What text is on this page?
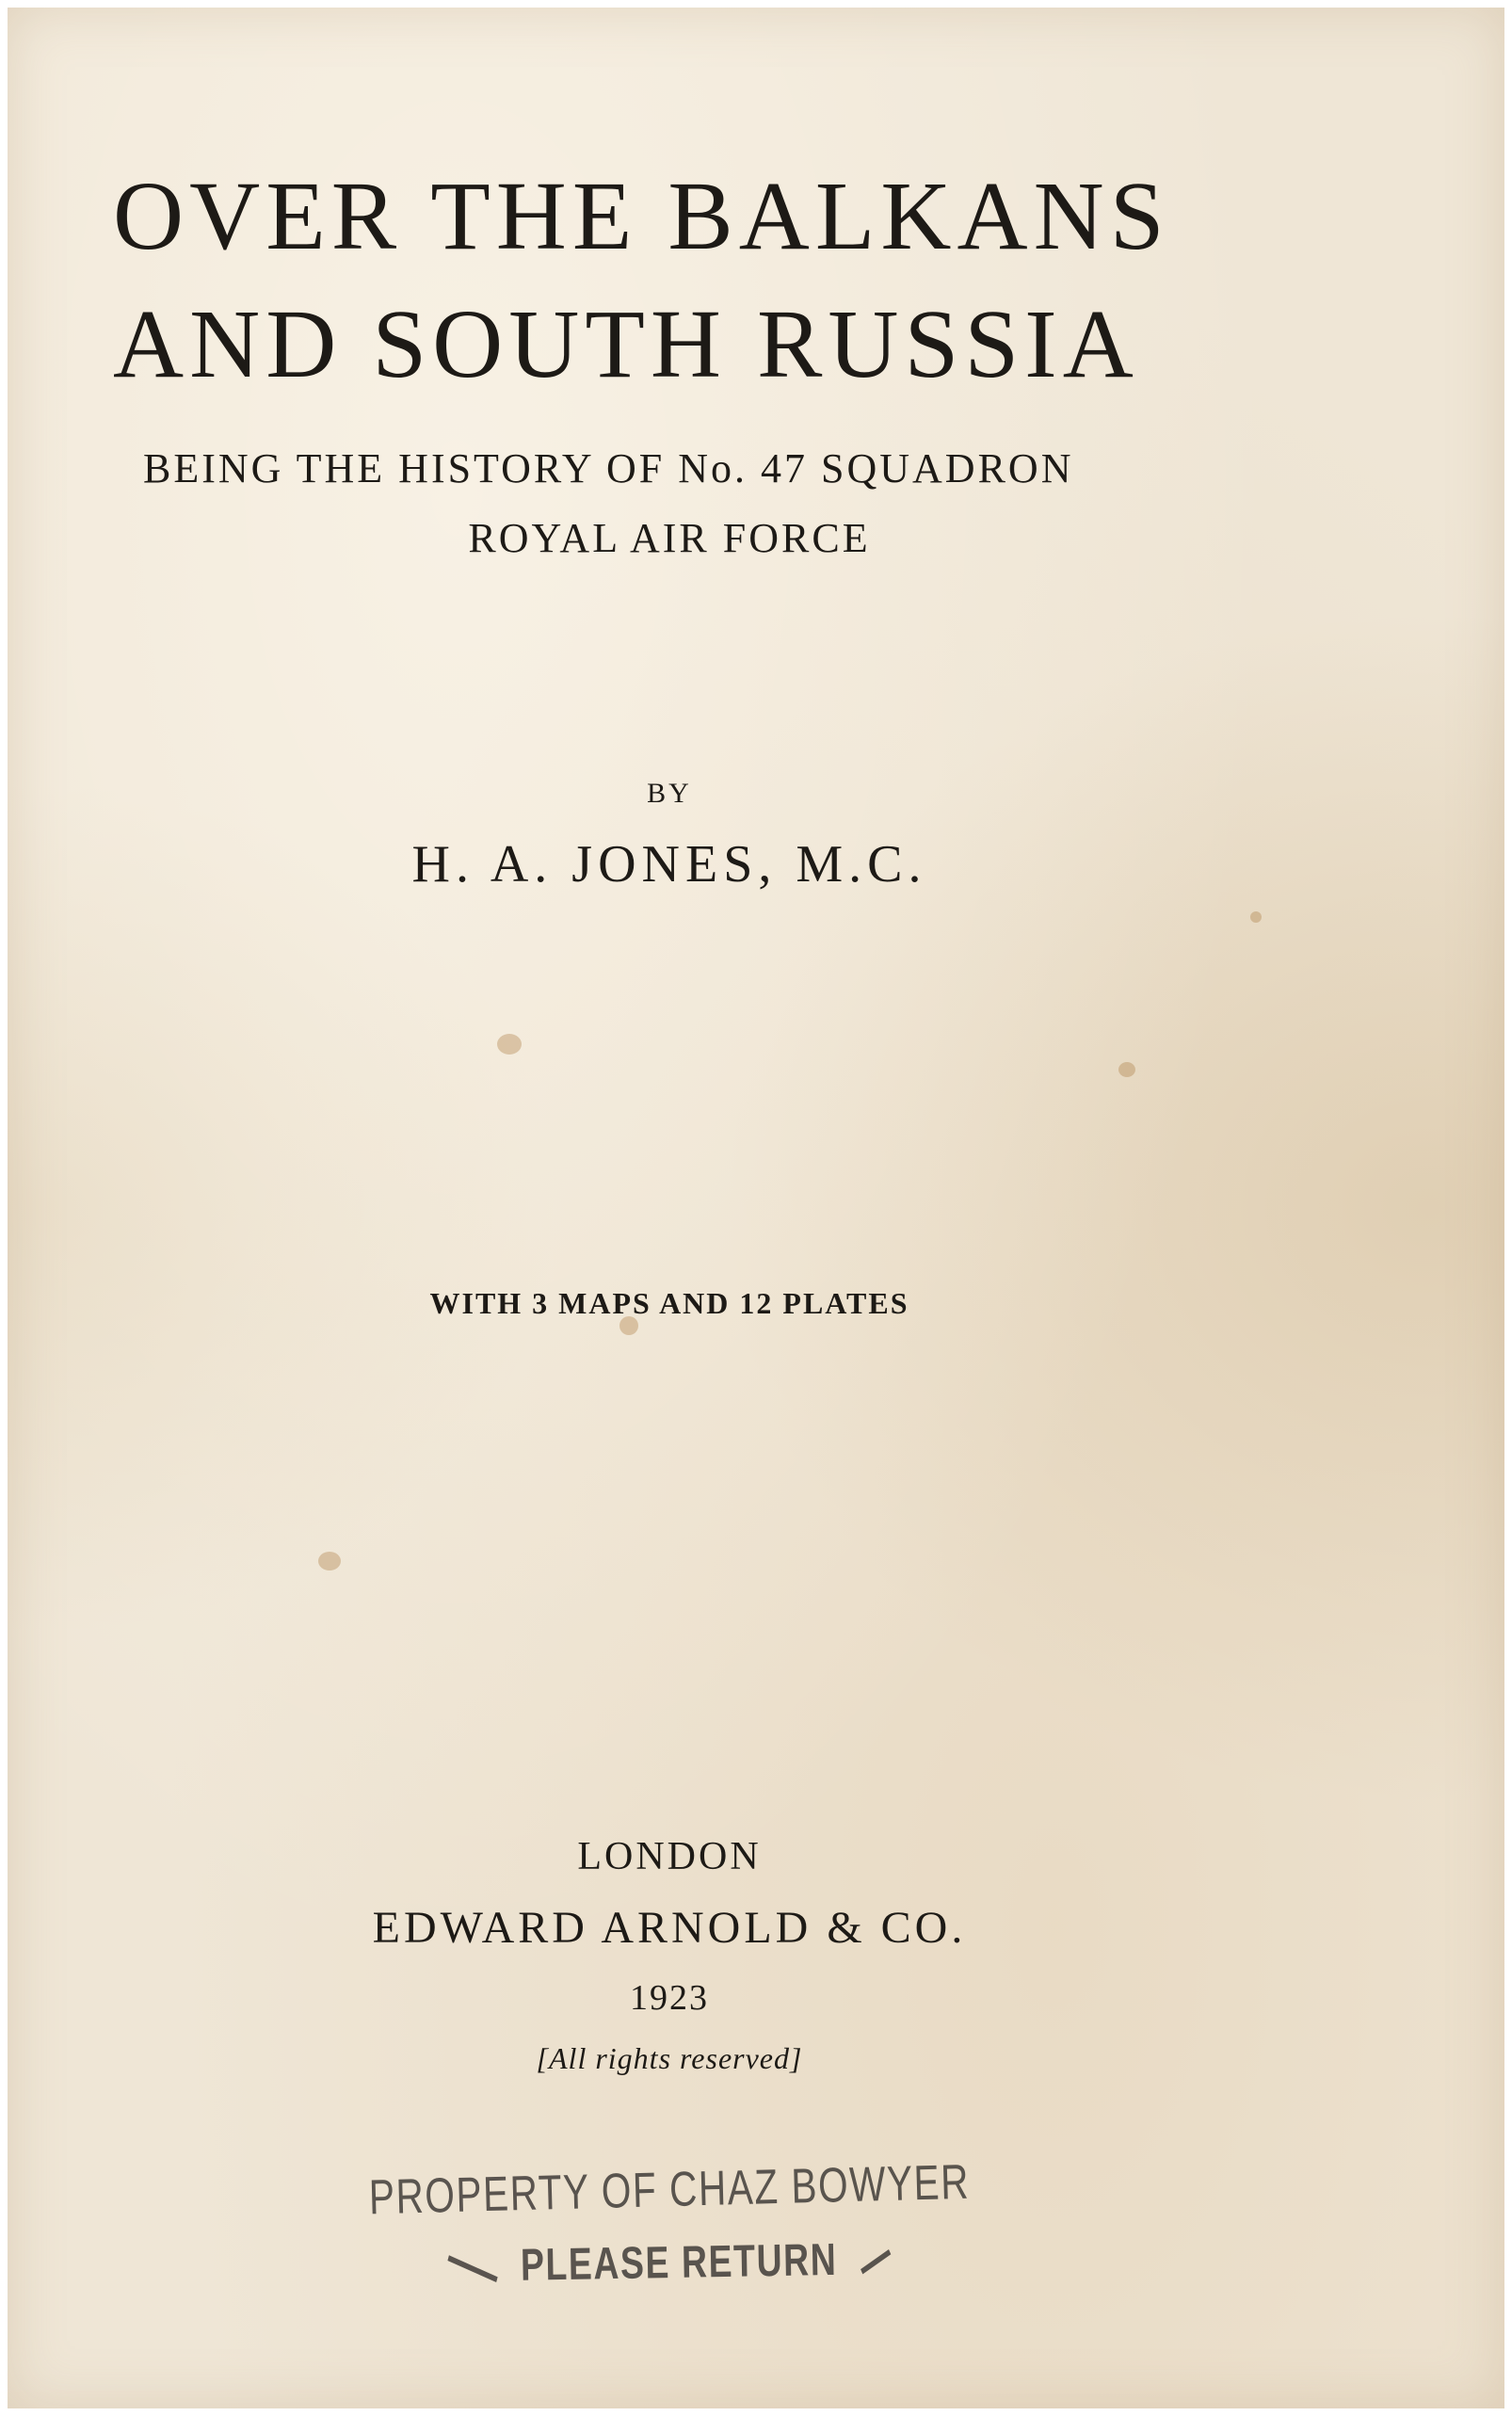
OVER THE BALKANS
AND SOUTH RUSSIA
BEING THE HISTORY OF No. 47 SQUADRON
ROYAL AIR FORCE
BY
H. A. JONES, M.C.
WITH 3 MAPS AND 12 PLATES
LONDON
EDWARD ARNOLD & CO.
1923
[All rights reserved]
PROPERTY OF CHAZ BOWYER
PLEASE RETURN
